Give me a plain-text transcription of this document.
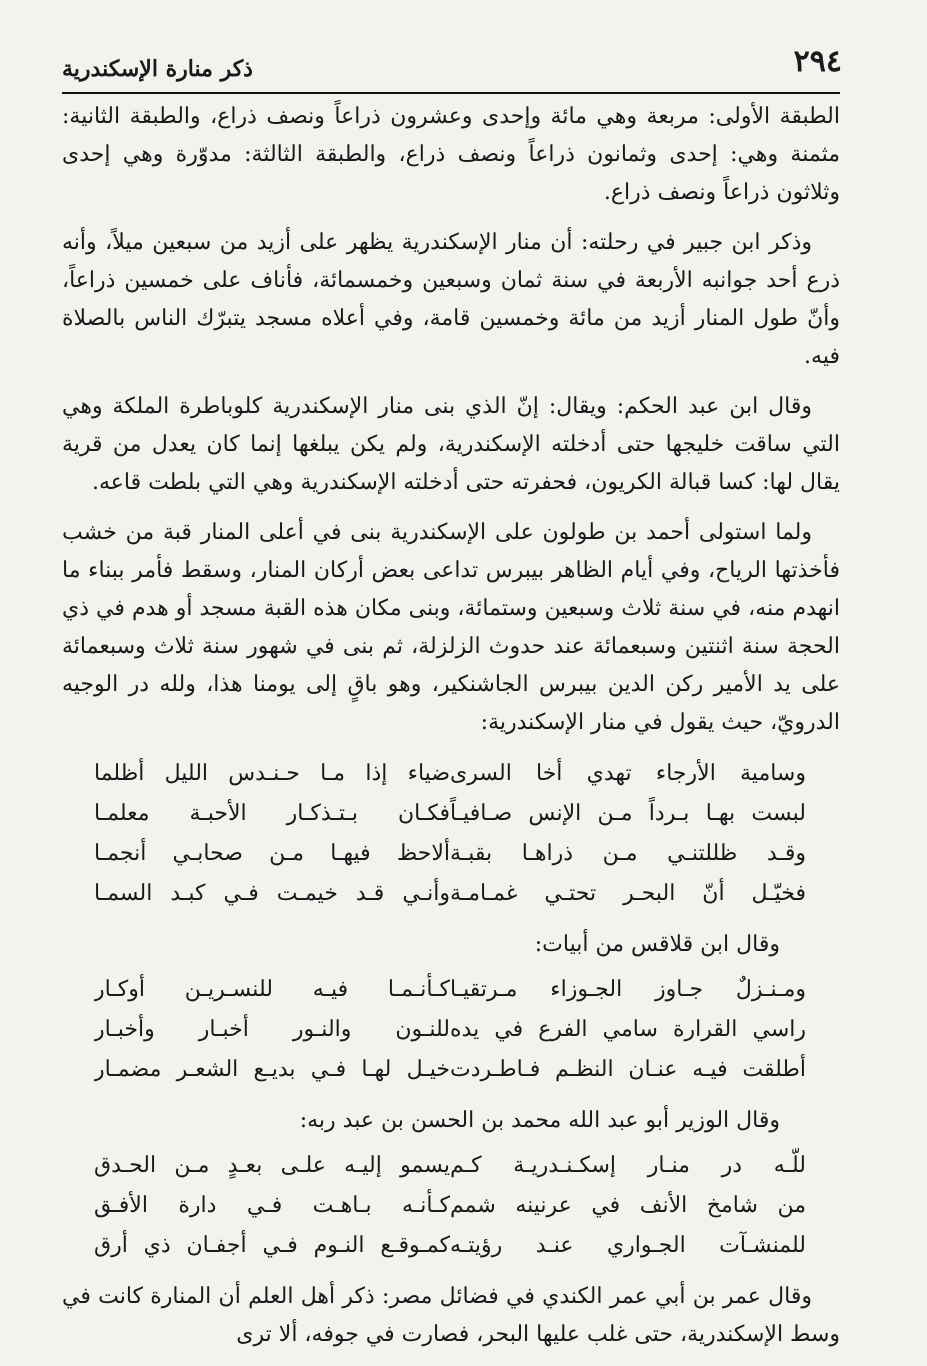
٢٩٤
ذكر منارة الإسكندرية

الطبقة الأولى: مربعة وهي مائة وإحدى وعشرون ذراعاً ونصف ذراع، والطبقة الثانية: مثمنة وهي: إحدى وثمانون ذراعاً ونصف ذراع، والطبقة الثالثة: مدوّرة وهي إحدى وثلاثون ذراعاً ونصف ذراع.

وذكر ابن جبير في رحلته: أن منار الإسكندرية يظهر على أزيد من سبعين ميلاً، وأنه ذرع أحد جوانبه الأربعة في سنة ثمان وسبعين وخمسمائة، فأناف على خمسين ذراعاً، وأنّ طول المنار أزيد من مائة وخمسين قامة، وفي أعلاه مسجد يتبرّك الناس بالصلاة فيه.

وقال ابن عبد الحكم: ويقال: إنّ الذي بنى منار الإسكندرية كلوباطرة الملكة وهي التي ساقت خليجها حتى أدخلته الإسكندرية، ولم يكن يبلغها إنما كان يعدل من قرية يقال لها: كسا قبالة الكريون، فحفرته حتى أدخلته الإسكندرية وهي التي بلطت قاعه.

ولما استولى أحمد بن طولون على الإسكندرية بنى في أعلى المنار قبة من خشب فأخذتها الرياح، وفي أيام الظاهر بيبرس تداعى بعض أركان المنار، وسقط فأمر ببناء ما انهدم منه، في سنة ثلاث وسبعين وستمائة، وبنى مكان هذه القبة مسجد أو هدم في ذي الحجة سنة اثنتين وسبعمائة عند حدوث الزلزلة، ثم بنى في شهور سنة ثلاث وسبعمائة على يد الأمير ركن الدين بيبرس الجاشنكير، وهو باقٍ إلى يومنا هذا، ولله در الوجيه الدرويّ، حيث يقول في منار الإسكندرية:

وسامية الأرجاء تهدي أخا السرى
ضياء إذا مـا حـنـدس الليل أظلما
لبست بهـا بـرداً مـن الإنس صـافيـاً
فكـان بـتـذكـار الأحبـة معلمـا
وقـد ظللتنـي مـن ذراهـا بقبـة
ألاحظ فيهـا مـن صحابـي أنجمـا
فخيّـل أنّ البحـر تحتـي غمـامـة
وأنـي قـد خيمـت فـي كبـد السمـا

وقال ابن قلاقس من أبيات:

ومـنـزلٌ جـاوز الجـوزاء مـرتقيـا
كـأنـمـا فيـه للنسـريـن أوكـار
راسي القرارة سامي الفرع في يده
للنـون والنـور أخبـار وأخبـار
أطلقت فيـه عنـان النظـم فـاطـردت
خيـل لهـا فـي بديـع الشعـر مضمـار

وقال الوزير أبو عبد الله محمد بن الحسن بن عبد ربه:

للّـه در منـار إسكـنـدريـة كـم
يسمو إليـه علـى بعـدٍ مـن الحـدق
من شامخ الأنف في عرنينه شمم
كـأنـه بـاهـت فـي دارة الأفـق
للمنشـآت الجـواري عنـد رؤيتـه
كمـوقـع النـوم فـي أجفـان ذي أرق

وقال عمر بن أبي عمر الكندي في فضائل مصر: ذكر أهل العلم أن المنارة كانت في وسط الإسكندرية، حتى غلب عليها البحر، فصارت في جوفه، ألا ترى
